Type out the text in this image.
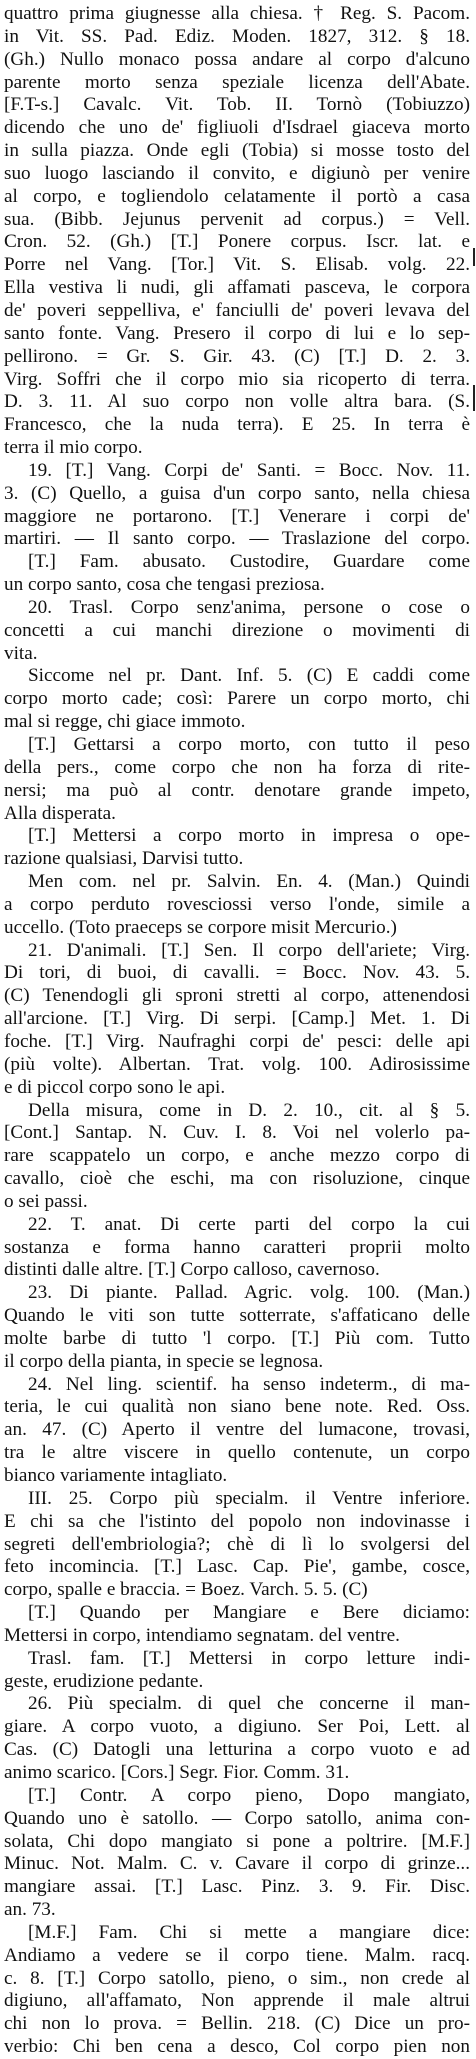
quattro prima giugnesse alla chiesa. † Reg. S. Pacom.
in Vit. SS. Pad. Ediz. Moden. 1827, 312. § 18.
(Gh.) Nullo monaco possa andare al corpo d'alcuno
parente morto senza speziale licenza dell'Abate.
[F.T-s.] Cavalc. Vit. Tob. II. Tornò (Tobiuzzo)
dicendo che uno de' figliuoli d'Isdrael giaceva morto
in sulla piazza. Onde egli (Tobia) si mosse tosto del
suo luogo lasciando il convito, e digiunò per venire
al corpo, e togliendolo celatamente il portò a casa
sua. (Bibb. Jejunus pervenit ad corpus.) = Vell.
Cron. 52. (Gh.) [T.] Ponere corpus. Iscr. lat. e
Porre nel Vang. [Tor.] Vit. S. Elisab. volg. 22.
Ella vestiva li nudi, gli affamati pasceva, le corpora
de' poveri seppelliva, e' fanciulli de' poveri levava del
santo fonte. Vang. Presero il corpo di lui e lo sep-
pellirono. = Gr. S. Gir. 43. (C) [T.] D. 2. 3.
Virg. Soffri che il corpo mio sia ricoperto di terra.
D. 3. 11. Al suo corpo non volle altra bara. (S.
Francesco, che la nuda terra). E 25. In terra è
terra il mio corpo.
19. [T.] Vang. Corpi de' Santi. = Bocc. Nov. 11.
3. (C) Quello, a guisa d'un corpo santo, nella chiesa
maggiore ne portarono. [T.] Venerare i corpi de'
martiri. — Il santo corpo. — Traslazione del corpo.
[T.] Fam. abusato. Custodire, Guardare come
un corpo santo, cosa che tengasi preziosa.
20. Trasl. Corpo senz'anima, persone o cose o
concetti a cui manchi direzione o movimenti di
vita.
Siccome nel pr. Dant. Inf. 5. (C) E caddi come
corpo morto cade; così: Parere un corpo morto, chi
mal si regge, chi giace immoto.
[T.] Gettarsi a corpo morto, con tutto il peso
della pers., come corpo che non ha forza di rite-
nersi; ma può al contr. denotare grande impeto,
Alla disperata.
[T.] Mettersi a corpo morto in impresa o ope-
razione qualsiasi, Darvisi tutto.
Men com. nel pr. Salvin. En. 4. (Man.) Quindi
a corpo perduto rovesciossi verso l'onde, simile a
uccello. (Toto praeceps se corpore misit Mercurio.)
21. D'animali. [T.] Sen. Il corpo dell'ariete; Virg.
Di tori, di buoi, di cavalli. = Bocc. Nov. 43. 5.
(C) Tenendogli gli sproni stretti al corpo, attenendosi
all'arcione. [T.] Virg. Di serpi. [Camp.] Met. 1. Di
foche. [T.] Virg. Naufraghi corpi de' pesci: delle api
(più volte). Albertan. Trat. volg. 100. Adirosissime
e di piccol corpo sono le api.
Della misura, come in D. 2. 10., cit. al § 5.
[Cont.] Santap. N. Cuv. I. 8. Voi nel volerlo pa-
rare scappatelo un corpo, e anche mezzo corpo di
cavallo, cioè che eschi, ma con risoluzione, cinque
o sei passi.
22. T. anat. Di certe parti del corpo la cui
sostanza e forma hanno caratteri proprii molto
distinti dalle altre. [T.] Corpo calloso, cavernoso.
23. Di piante. Pallad. Agric. volg. 100. (Man.)
Quando le viti son tutte sotterrate, s'affaticano delle
molte barbe di tutto 'l corpo. [T.] Più com. Tutto
il corpo della pianta, in specie se legnosa.
24. Nel ling. scientif. ha senso indeterm., di ma-
teria, le cui qualità non siano bene note. Red. Oss.
an. 47. (C) Aperto il ventre del lumacone, trovasi,
tra le altre viscere in quello contenute, un corpo
bianco variamente intagliato.
III. 25. Corpo più specialm. il Ventre inferiore.
E chi sa che l'istinto del popolo non indovinasse i
segreti dell'embriologia?; chè di lì lo svolgersi del
feto incomincia. [T.] Lasc. Cap. Pie', gambe, cosce,
corpo, spalle e braccia. = Boez. Varch. 5. 5. (C)
[T.] Quando per Mangiare e Bere diciamo:
Mettersi in corpo, intendiamo segnatam. del ventre.
Trasl. fam. [T.] Mettersi in corpo letture indi-
geste, erudizione pedante.
26. Più specialm. di quel che concerne il man-
giare. A corpo vuoto, a digiuno. Ser Poi, Lett. al
Cas. (C) Datogli una letturina a corpo vuoto e ad
animo scarico. [Cors.] Segr. Fior. Comm. 31.
[T.] Contr. A corpo pieno, Dopo mangiato,
Quando uno è satollo. — Corpo satollo, anima con-
solata, Chi dopo mangiato si pone a poltrire. [M.F.]
Minuc. Not. Malm. C. v. Cavare il corpo di grinze...
mangiare assai. [T.] Lasc. Pinz. 3. 9. Fir. Disc.
an. 73.
[M.F.] Fam. Chi si mette a mangiare dice:
Andiamo a vedere se il corpo tiene. Malm. racq.
c. 8. [T.] Corpo satollo, pieno, o sim., non crede al
digiuno, all'affamato, Non apprende il male altrui
chi non lo prova. = Bellin. 218. (C) Dice un pro-
verbio: Chi ben cena a desco, Col corpo pien non
